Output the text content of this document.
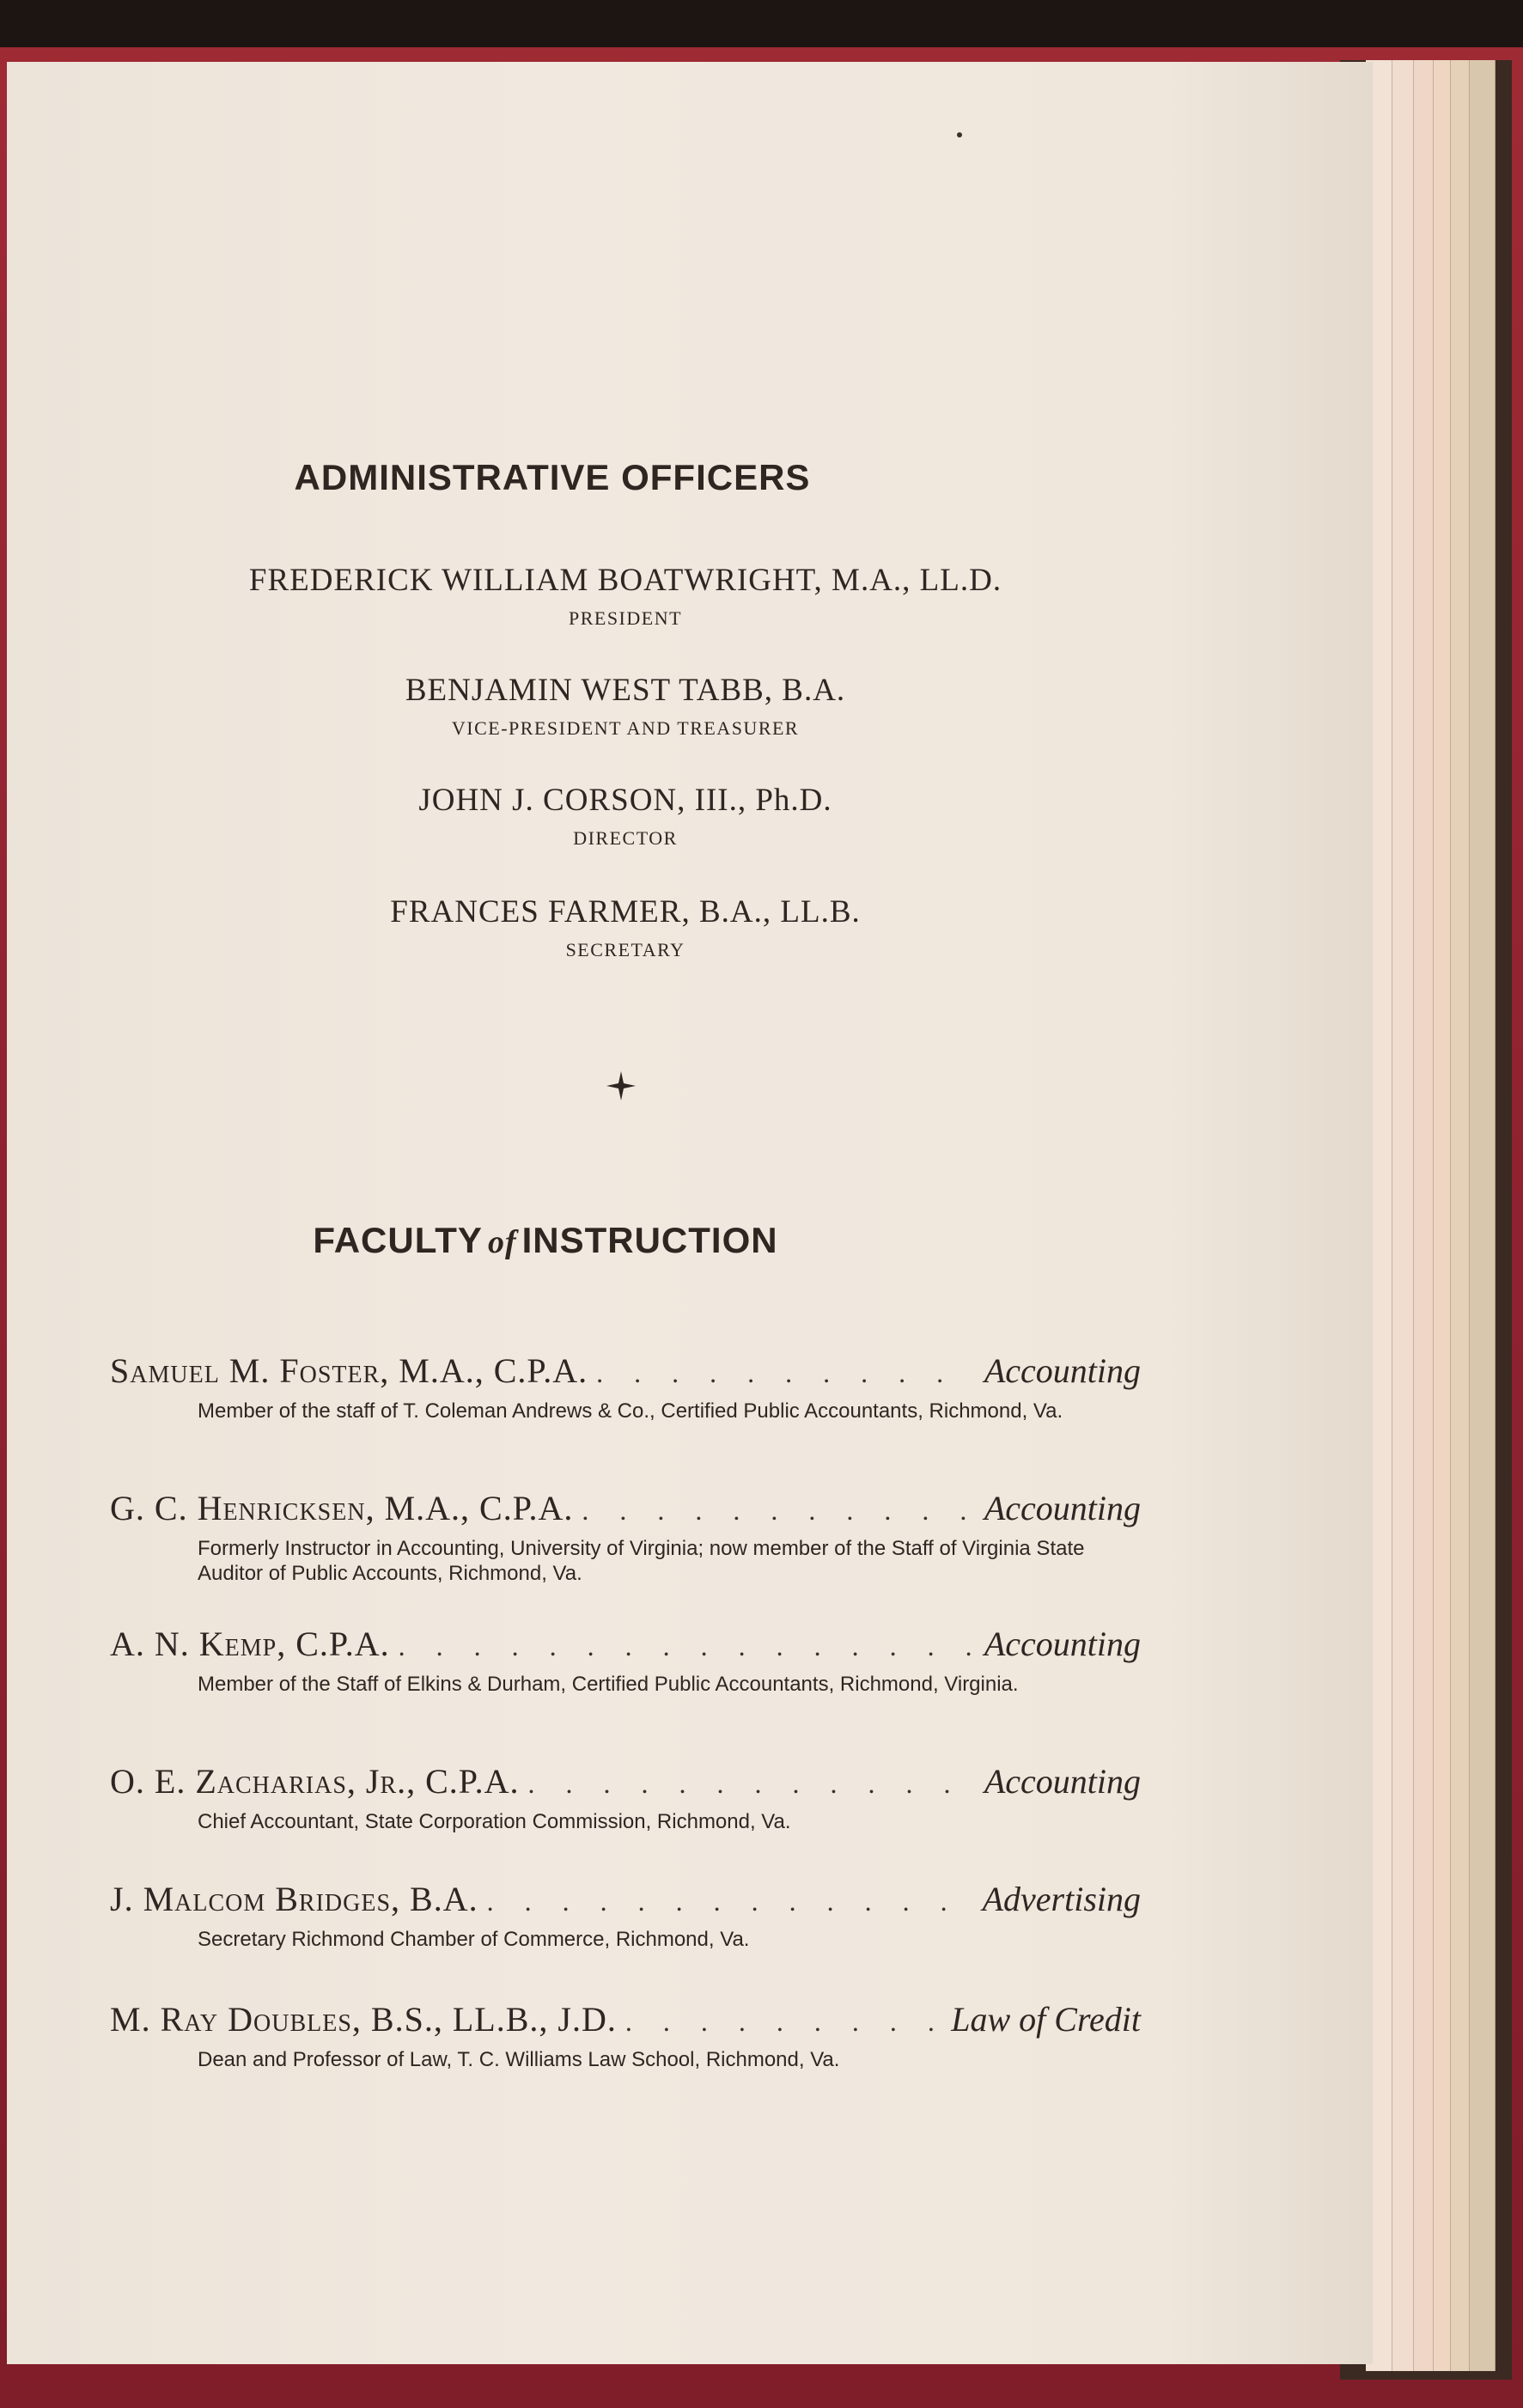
ADMINISTRATIVE OFFICERS
FREDERICK WILLIAM BOATWRIGHT, M.A., LL.D.
PRESIDENT
BENJAMIN WEST TABB, B.A.
VICE-PRESIDENT AND TREASURER
JOHN J. CORSON, III., Ph.D.
DIRECTOR
FRANCES FARMER, B.A., LL.B.
SECRETARY
FACULTY of INSTRUCTION
Samuel M. Foster, M.A., C.P.A. . . .	Accounting
Member of the staff of T. Coleman Andrews & Co., Certified Public Accountants, Richmond, Va.
G. C. Henricksen, M.A., C.P.A. . . .	Accounting
Formerly Instructor in Accounting, University of Virginia; now member of the Staff of Virginia State Auditor of Public Accounts, Richmond, Va.
A. N. Kemp, C.P.A. . . .	Accounting
Member of the Staff of Elkins & Durham, Certified Public Accountants, Richmond, Virginia.
O. E. Zacharias, Jr., C.P.A. . . .	Accounting
Chief Accountant, State Corporation Commission, Richmond, Va.
J. Malcom Bridges, B.A. . . .	Advertising
Secretary Richmond Chamber of Commerce, Richmond, Va.
M. Ray Doubles, B.S., LL.B., J.D. . . .	Law of Credit
Dean and Professor of Law, T. C. Williams Law School, Richmond, Va.
